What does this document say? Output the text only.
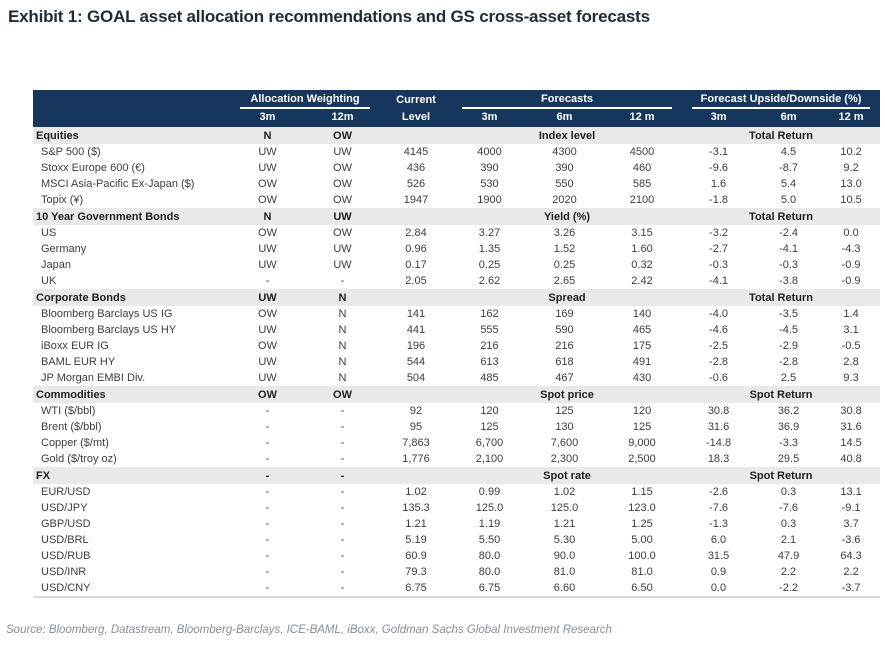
Exhibit 1: GOAL asset allocation recommendations and GS cross-asset forecasts

	Allocation Weighting		Current	Forecasts			Forecast Upside/Downside (%)		

	3m	12m	Level	3m	6m	12 m	3m	6m	12 m
Equities	N	OW		Index level			Total Return		
S&P 500 ($)	UW	UW	4145	4000	4300	4500	-3.1	4.5	10.2
Stoxx Europe 600 (€)	UW	OW	436	390	390	460	-9.6	-8.7	9.2
MSCI Asia-Pacific Ex-Japan ($)	OW	OW	526	530	550	585	1.6	5.4	13.0
Topix (¥)	OW	OW	1947	1900	2020	2100	-1.8	5.0	10.5
10 Year Government Bonds	N	UW		Yield (%)			Total Return		
US	OW	OW	2.84	3.27	3.26	3.15	-3.2	-2.4	0.0
Germany	UW	UW	0.96	1.35	1.52	1.60	-2.7	-4.1	-4.3
Japan	UW	UW	0.17	0.25	0.25	0.32	-0.3	-0.3	-0.9
UK	-	-	2.05	2.62	2.65	2.42	-4.1	-3.8	-0.9
Corporate Bonds	UW	N		Spread			Total Return		
Bloomberg Barclays US IG	OW	N	141	162	169	140	-4.0	-3.5	1.4
Bloomberg Barclays US HY	UW	N	441	555	590	465	-4.6	-4.5	3.1
iBoxx EUR IG	OW	N	196	216	216	175	-2.5	-2.9	-0.5
BAML EUR HY	UW	N	544	613	618	491	-2.8	-2.8	2.8
JP Morgan EMBI Div.	UW	N	504	485	467	430	-0.6	2.5	9.3
Commodities	OW	OW		Spot price			Spot Return		
WTI ($/bbl)	-	-	92	120	125	120	30.8	36.2	30.8
Brent ($/bbl)	-	-	95	125	130	125	31.6	36.9	31.6
Copper ($/mt)	-	-	7,863	6,700	7,600	9,000	-14.8	-3.3	14.5
Gold ($/troy oz)	-	-	1,776	2,100	2,300	2,500	18.3	29.5	40.8
FX	-	-		Spot rate			Spot Return		
EUR/USD	-	-	1.02	0.99	1.02	1.15	-2.6	0.3	13.1
USD/JPY	-	-	135.3	125.0	125.0	123.0	-7.6	-7.6	-9.1
GBP/USD	-	-	1.21	1.19	1.21	1.25	-1.3	0.3	3.7
USD/BRL	-	-	5.19	5.50	5.30	5.00	6.0	2.1	-3.6
USD/RUB	-	-	60.9	80.0	90.0	100.0	31.5	47.9	64.3
USD/INR	-	-	79.3	80.0	81.0	81.0	0.9	2.2	2.2
USD/CNY	-	-	6.75	6.75	6.60	6.50	0.0	-2.2	-3.7
Source: Bloomberg, Datastream, Bloomberg-Barclays, ICE-BAML, iBoxx, Goldman Sachs Global Investment Research
